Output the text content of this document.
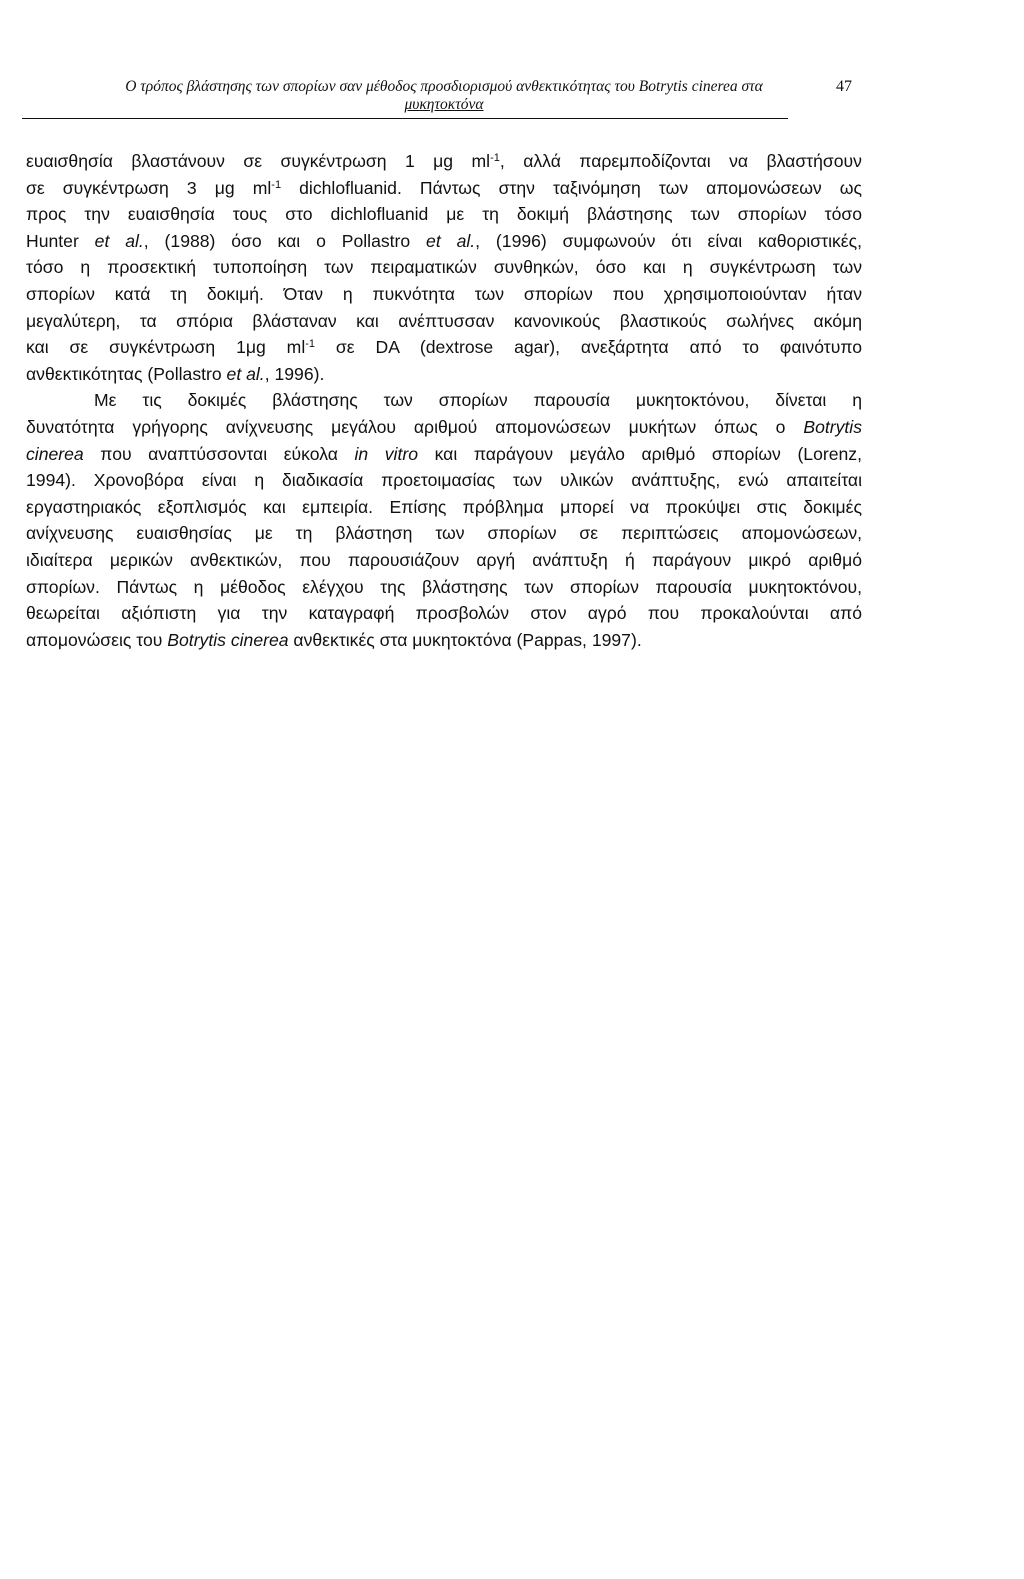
Ο τρόπος βλάστησης των σπορίων σαν μέθοδος προσδιορισμού ανθεκτικότητας του Botrytis cinerea στα
μυκητοκτόνα
47
ευαισθησία βλαστάνουν σε συγκέντρωση 1 μg $ml^{-1}$, αλλά παρεμποδίζονται να βλαστήσουν
σε συγκέντρωση 3 μg $ml^{-1}$ dichlofluanid. Πάντως στην ταξινόμηση των απομονώσεων ως
προς την ευαισθησία τους στο dichlofluanid με τη δοκιμή βλάστησης των σπορίων τόσο
Hunter et al., (1988) όσο και ο Pollastro et al., (1996) συμφωνούν ότι είναι καθοριστικές,
τόσο η προσεκτική τυποποίηση των πειραματικών συνθηκών, όσο και η συγκέντρωση των
σπορίων κατά τη δοκιμή. Όταν η πυκνότητα των σπορίων που χρησιμοποιούνταν ήταν
μεγαλύτερη, τα σπόρια βλάσταναν και ανέπτυσσαν κανονικούς βλαστικούς σωλήνες ακόμη
και σε συγκέντρωση 1μg $ml^{-1}$ σε DA (dextrose agar), ανεξάρτητα από το φαινότυπο
ανθεκτικότητας (Pollastro et al., 1996).
Με τις δοκιμές βλάστησης των σπορίων παρουσία μυκητοκτόνου, δίνεται η
δυνατότητα γρήγορης ανίχνευσης μεγάλου αριθμού απομονώσεων μυκήτων όπως ο Botrytis
cinerea που αναπτύσσονται εύκολα in vitro και παράγουν μεγάλο αριθμό σπορίων (Lorenz,
1994). Χρονοβόρα είναι η διαδικασία προετοιμασίας των υλικών ανάπτυξης, ενώ απαιτείται
εργαστηριακός εξοπλισμός και εμπειρία. Επίσης πρόβλημα μπορεί να προκύψει στις δοκιμές
ανίχνευσης ευαισθησίας με τη βλάστηση των σπορίων σε περιπτώσεις απομονώσεων,
ιδιαίτερα μερικών ανθεκτικών, που παρουσιάζουν αργή ανάπτυξη ή παράγουν μικρό αριθμό
σπορίων. Πάντως η μέθοδος ελέγχου της βλάστησης των σπορίων παρουσία μυκητοκτόνου,
θεωρείται αξιόπιστη για την καταγραφή προσβολών στον αγρό που προκαλούνται από
απομονώσεις του Botrytis cinerea ανθεκτικές στα μυκητοκτόνα (Pappas, 1997).
